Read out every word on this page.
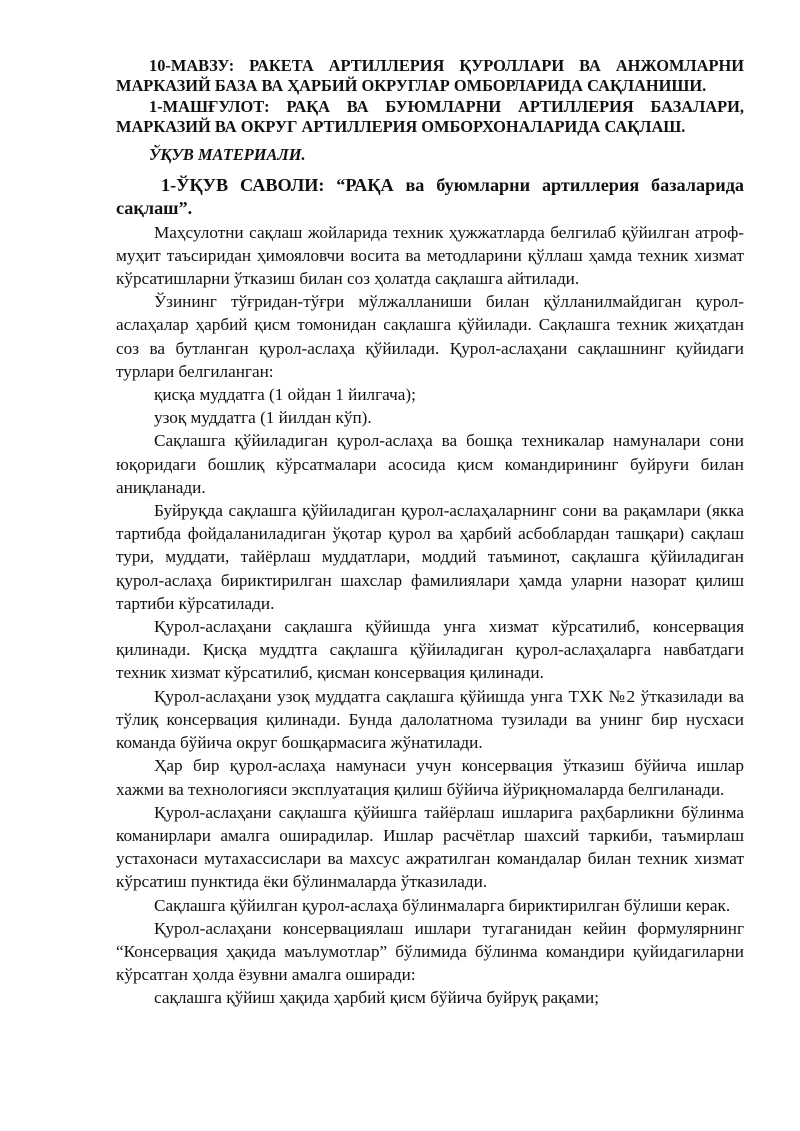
10-МАВЗУ: РАКЕТА АРТИЛЛЕРИЯ ҚУРОЛЛАРИ ВА АНЖОМЛАРНИ МАРКАЗИЙ БАЗА ВА ҲАРБИЙ ОКРУГЛАР ОМБОРЛАРИДА САҚЛАНИШИ.

1-МАШҒУЛОТ: РАҚА ВА БУЮМЛАРНИ АРТИЛЛЕРИЯ БАЗАЛАРИ, МАРКАЗИЙ ВА ОКРУГ АРТИЛЛЕРИЯ ОМБОРХОНАЛАРИДА САҚЛАШ.

ЎҚУВ МАТЕРИАЛИ.

1-ЎҚУВ САВОЛИ: “РАҚА ва буюмларни артиллерия базаларида сақлаш”.

Маҳсулотни сақлаш жойларида техник ҳужжатларда белгилаб қўйилган атроф-муҳит таъсиридан ҳимояловчи восита ва методларини қўллаш ҳамда техник хизмат кўрсатишларни ўтказиш билан соз ҳолатда сақлашга айтилади.

Ўзининг тўғридан-тўғри мўлжалланиши билан қўлланилмайдиган қурол-аслаҳалар ҳарбий қисм томонидан сақлашга қўйилади. Сақлашга техник жиҳатдан соз ва бутланган қурол-аслаҳа қўйилади. Қурол-аслаҳани сақлашнинг қуйидаги турлари белгиланган:

қисқа муддатга (1 ойдан 1 йилгача);

узоқ муддатга (1 йилдан кўп).

Сақлашга қўйиладиган қурол-аслаҳа ва бошқа техникалар намуналари сони юқоридаги бошлиқ кўрсатмалари асосида қисм командирининг буйруғи билан аниқланади.

Буйруқда сақлашга қўйиладиган қурол-аслаҳаларнинг сони ва рақамлари (якка тартибда фойдаланиладиган ўқотар қурол ва ҳарбий асбоблардан ташқари) сақлаш тури, муддати, тайёрлаш муддатлари, моддий таъминот, сақлашга қўйиладиган қурол-аслаҳа бириктирилган шахслар фамилиялари ҳамда уларни назорат қилиш тартиби кўрсатилади.

Қурол-аслаҳани сақлашга қўйишда унга хизмат кўрсатилиб, консервация қилинади. Қисқа муддтга сақлашга қўйиладиган қурол-аслаҳаларга навбатдаги техник хизмат кўрсатилиб, қисман консервация қилинади.

Қурол-аслаҳани узоқ муддатга сақлашга қўйишда унга ТХК №2 ўтказилади ва тўлиқ консервация қилинади. Бунда далолатнома тузилади ва унинг бир нусхаси команда бўйича округ бошқармасига жўнатилади.

Ҳар бир қурол-аслаҳа намунаси учун консервация ўтказиш бўйича ишлар хажми ва технологияси эксплуатация қилиш бўйича йўриқномаларда белгиланади.

Қурол-аслаҳани сақлашга қўйишга тайёрлаш ишларига раҳбарликни бўлинма команирлари амалга оширадилар. Ишлар расчётлар шахсий таркиби, таъмирлаш устахонаси мутахассислари ва махсус ажратилган командалар билан техник хизмат кўрсатиш пунктида ёки бўлинмаларда ўтказилади.

Сақлашга қўйилган қурол-аслаҳа бўлинмаларга бириктирилган бўлиши керак.

Қурол-аслаҳани консервациялаш ишлари тугаганидан кейин формулярнинг “Консервация ҳақида маълумотлар” бўлимида бўлинма командири қуйидагиларни кўрсатган ҳолда ёзувни амалга оширади:

сақлашга қўйиш ҳақида ҳарбий қисм бўйича буйруқ рақами;
